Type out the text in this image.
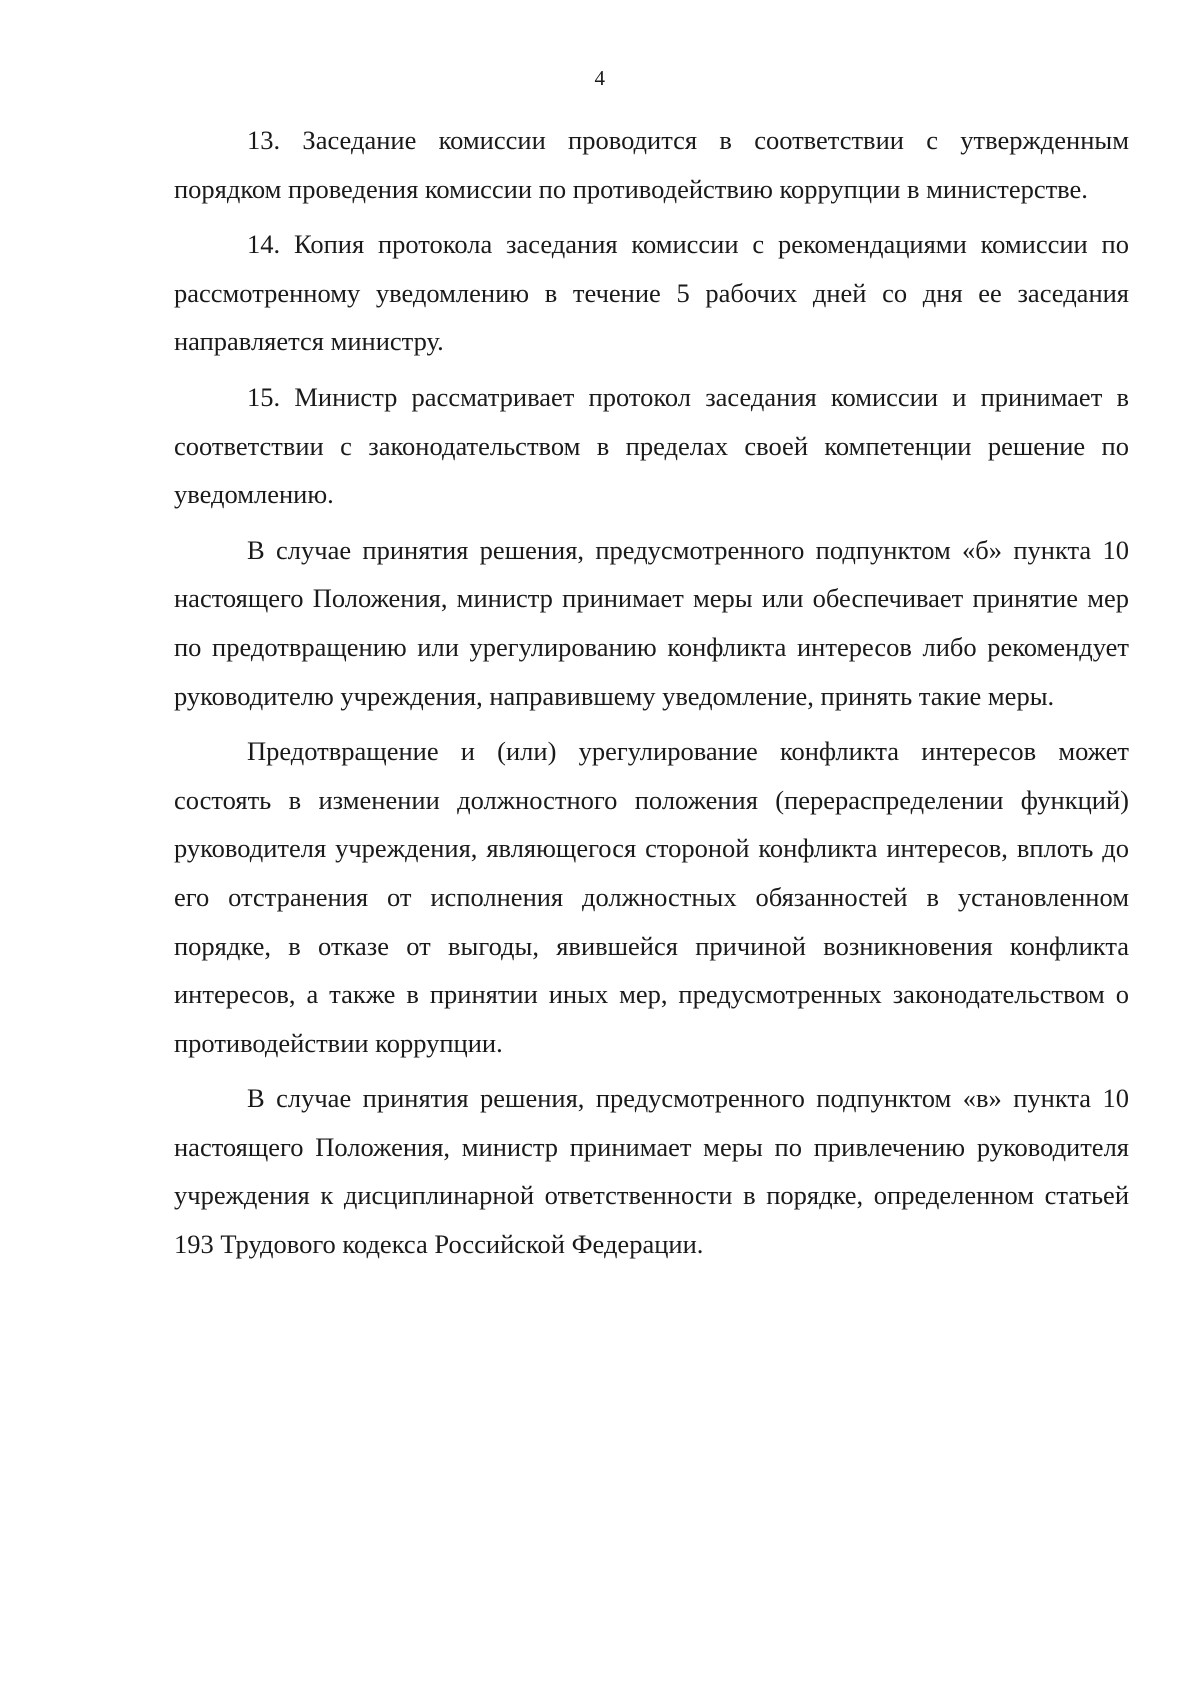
4

13. Заседание комиссии проводится в соответствии с утвержденным порядком проведения комиссии по противодействию коррупции в министерстве.

14. Копия протокола заседания комиссии с рекомендациями комиссии по рассмотренному уведомлению в течение 5 рабочих дней со дня ее заседания направляется министру.

15. Министр рассматривает протокол заседания комиссии и принимает в соответствии с законодательством в пределах своей компетенции решение по уведомлению.

В случае принятия решения, предусмотренного подпунктом «б» пункта 10 настоящего Положения, министр принимает меры или обеспечивает принятие мер по предотвращению или урегулированию конфликта интересов либо рекомендует руководителю учреждения, направившему уведомление, принять такие меры.

Предотвращение и (или) урегулирование конфликта интересов может состоять в изменении должностного положения (перераспределении функций) руководителя учреждения, являющегося стороной конфликта интересов, вплоть до его отстранения от исполнения должностных обязанностей в установленном порядке, в отказе от выгоды, явившейся причиной возникновения конфликта интересов, а также в принятии иных мер, предусмотренных законодательством о противодействии коррупции.

В случае принятия решения, предусмотренного подпунктом «в» пункта 10 настоящего Положения, министр принимает меры по привлечению руководителя учреждения к дисциплинарной ответственности в порядке, определенном статьей 193 Трудового кодекса Российской Федерации.
